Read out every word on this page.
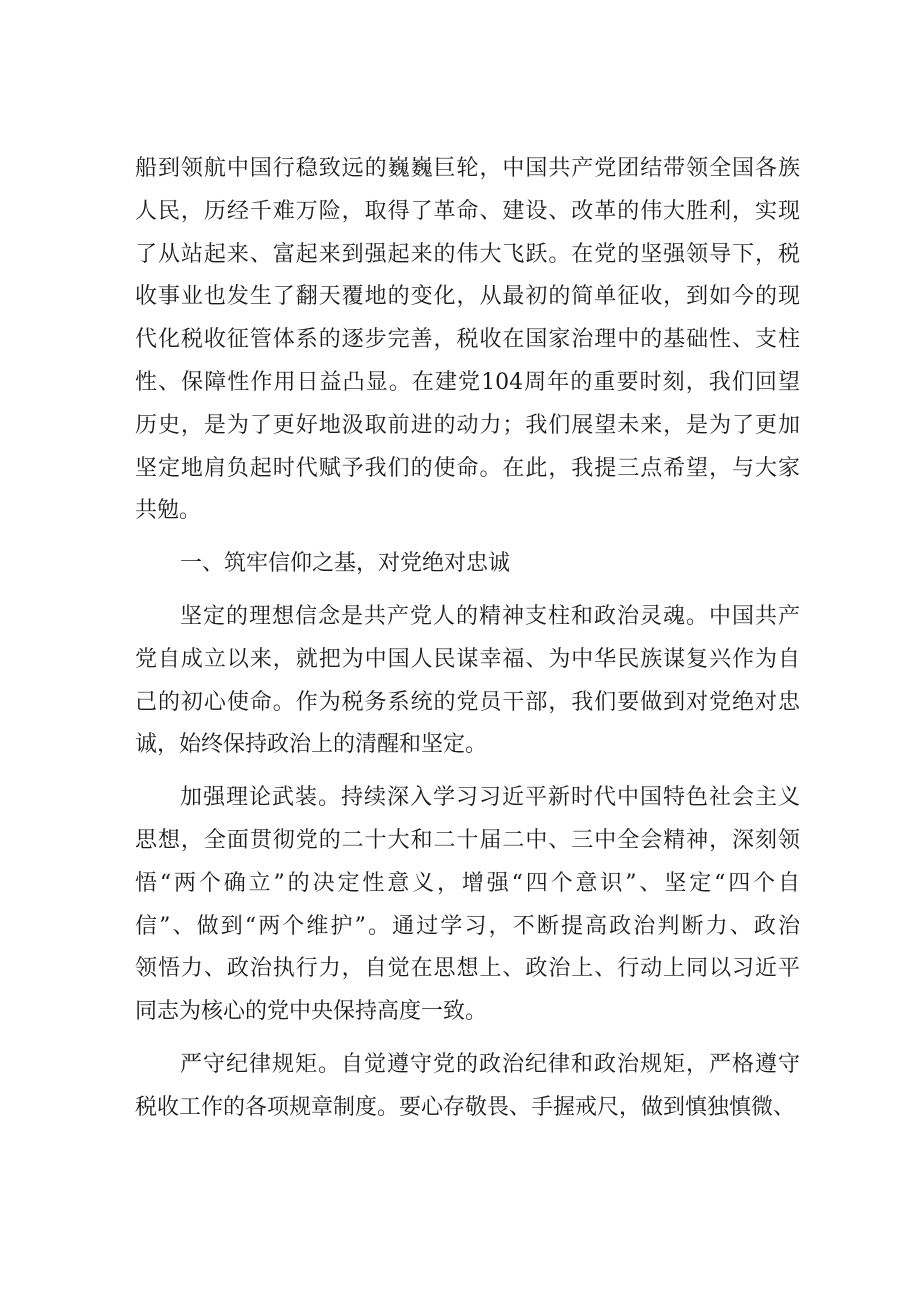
船到领航中国行稳致远的巍巍巨轮，中国共产党团结带领全国各族
人民，历经千难万险，取得了革命、建设、改革的伟大胜利，实现
了从站起来、富起来到强起来的伟大飞跃。在党的坚强领导下，税
收事业也发生了翻天覆地的变化，从最初的简单征收，到如今的现
代化税收征管体系的逐步完善，税收在国家治理中的基础性、支柱
性、保障性作用日益凸显。在建党104周年的重要时刻，我们回望
历史，是为了更好地汲取前进的动力；我们展望未来，是为了更加
坚定地肩负起时代赋予我们的使命。在此，我提三点希望，与大家
共勉。
一、筑牢信仰之基，对党绝对忠诚
坚定的理想信念是共产党人的精神支柱和政治灵魂。中国共产
党自成立以来，就把为中国人民谋幸福、为中华民族谋复兴作为自
己的初心使命。作为税务系统的党员干部，我们要做到对党绝对忠
诚，始终保持政治上的清醒和坚定。
加强理论武装。持续深入学习习近平新时代中国特色社会主义
思想，全面贯彻党的二十大和二十届二中、三中全会精神，深刻领
悟“两个确立”的决定性意义，增强“四个意识”、坚定“四个自
信”、做到“两个维护”。通过学习，不断提高政治判断力、政治
领悟力、政治执行力，自觉在思想上、政治上、行动上同以习近平
同志为核心的党中央保持高度一致。
严守纪律规矩。自觉遵守党的政治纪律和政治规矩，严格遵守
税收工作的各项规章制度。要心存敬畏、手握戒尺，做到慎独慎微、
